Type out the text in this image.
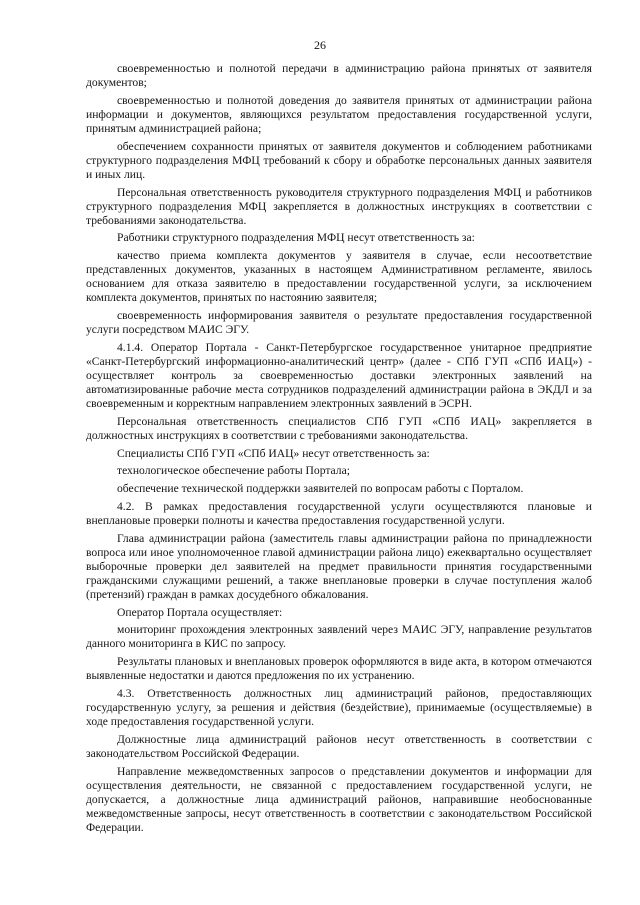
26

своевременностью и полнотой передачи в администрацию района принятых от заявителя документов;

своевременностью и полнотой доведения до заявителя принятых от администрации района информации и документов, являющихся результатом предоставления государственной услуги, принятым администрацией района;

обеспечением сохранности принятых от заявителя документов и соблюдением работниками структурного подразделения МФЦ требований к сбору и обработке персональных данных заявителя и иных лиц.

Персональная ответственность руководителя структурного подразделения МФЦ и работников структурного подразделения МФЦ закрепляется в должностных инструкциях в соответствии с требованиями законодательства.

Работники структурного подразделения МФЦ несут ответственность за:

качество приема комплекта документов у заявителя в случае, если несоответствие представленных документов, указанных в настоящем Административном регламенте, явилось основанием для отказа заявителю в предоставлении государственной услуги, за исключением комплекта документов, принятых по настоянию заявителя;

своевременность информирования заявителя о результате предоставления государственной услуги посредством МАИС ЭГУ.

4.1.4. Оператор Портала - Санкт-Петербургское государственное унитарное предприятие «Санкт-Петербургский информационно-аналитический центр» (далее - СПб ГУП «СПб ИАЦ») - осуществляет контроль за своевременностью доставки электронных заявлений на автоматизированные рабочие места сотрудников подразделений администрации района в ЭКДЛ и за своевременным и корректным направлением электронных заявлений в ЭСРН.

Персональная ответственность специалистов СПб ГУП «СПб ИАЦ» закрепляется в должностных инструкциях в соответствии с требованиями законодательства.

Специалисты СПб ГУП «СПб ИАЦ» несут ответственность за:

технологическое обеспечение работы Портала;

обеспечение технической поддержки заявителей по вопросам работы с Порталом.

4.2. В рамках предоставления государственной услуги осуществляются плановые и внеплановые проверки полноты и качества предоставления государственной услуги.

Глава администрации района (заместитель главы администрации района по принадлежности вопроса или иное уполномоченное главой администрации района лицо) ежеквартально осуществляет выборочные проверки дел заявителей на предмет правильности принятия государственными гражданскими служащими решений, а также внеплановые проверки в случае поступления жалоб (претензий) граждан в рамках досудебного обжалования.

Оператор Портала осуществляет:

мониторинг прохождения электронных заявлений через МАИС ЭГУ, направление результатов данного мониторинга в КИС по запросу.

Результаты плановых и внеплановых проверок оформляются в виде акта, в котором отмечаются выявленные недостатки и даются предложения по их устранению.

4.3. Ответственность должностных лиц администраций районов, предоставляющих государственную услугу, за решения и действия (бездействие), принимаемые (осуществляемые) в ходе предоставления государственной услуги.

Должностные лица администраций районов несут ответственность в соответствии с законодательством Российской Федерации.

Направление межведомственных запросов о представлении документов и информации для осуществления деятельности, не связанной с предоставлением государственной услуги, не допускается, а должностные лица администраций районов, направившие необоснованные межведомственные запросы, несут ответственность в соответствии с законодательством Российской Федерации.
